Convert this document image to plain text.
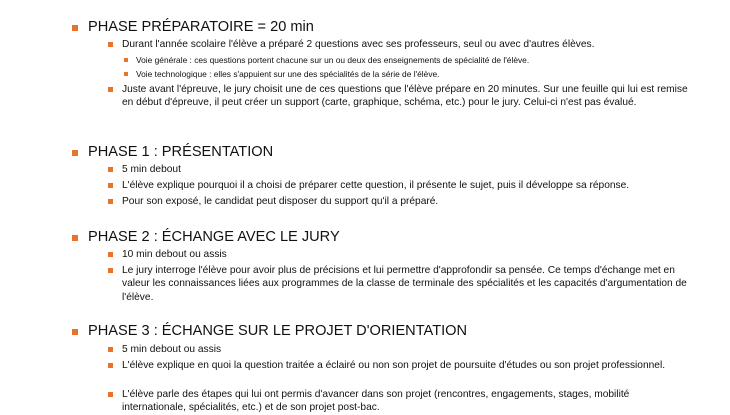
PHASE PRÉPARATOIRE = 20 min
Durant l'année scolaire l'élève a préparé 2 questions avec ses professeurs, seul ou avec d'autres élèves.
Voie générale : ces questions portent chacune sur un ou deux des enseignements de spécialité de l'élève.
Voie technologique : elles s'appuient sur une des spécialités de la série de l'élève.
Juste avant l'épreuve, le jury choisit une de ces questions que l'élève prépare en 20 minutes. Sur une feuille qui lui est remise en début d'épreuve, il peut créer un support (carte, graphique, schéma, etc.) pour le jury. Celui-ci n'est pas évalué.
PHASE 1 : PRÉSENTATION
5 min debout
L'élève explique pourquoi il a choisi de préparer cette question, il présente le sujet, puis il développe sa réponse.
Pour son exposé, le candidat peut disposer du support qu'il a préparé.
PHASE 2 : ÉCHANGE AVEC LE JURY
10 min debout ou assis
Le jury interroge l'élève pour avoir plus de précisions et lui permettre d'approfondir sa pensée. Ce temps d'échange met en valeur les connaissances liées aux programmes de la classe de terminale des spécialités et les capacités d'argumentation de l'élève.
PHASE 3 : ÉCHANGE SUR LE PROJET D'ORIENTATION
5 min debout ou assis
L'élève explique en quoi la question traitée a éclairé ou non son projet de poursuite d'études ou son projet professionnel.
L'élève parle des étapes qui lui ont permis d'avancer dans son projet (rencontres, engagements, stages, mobilité internationale, spécialités, etc.) et de son projet post-bac.
